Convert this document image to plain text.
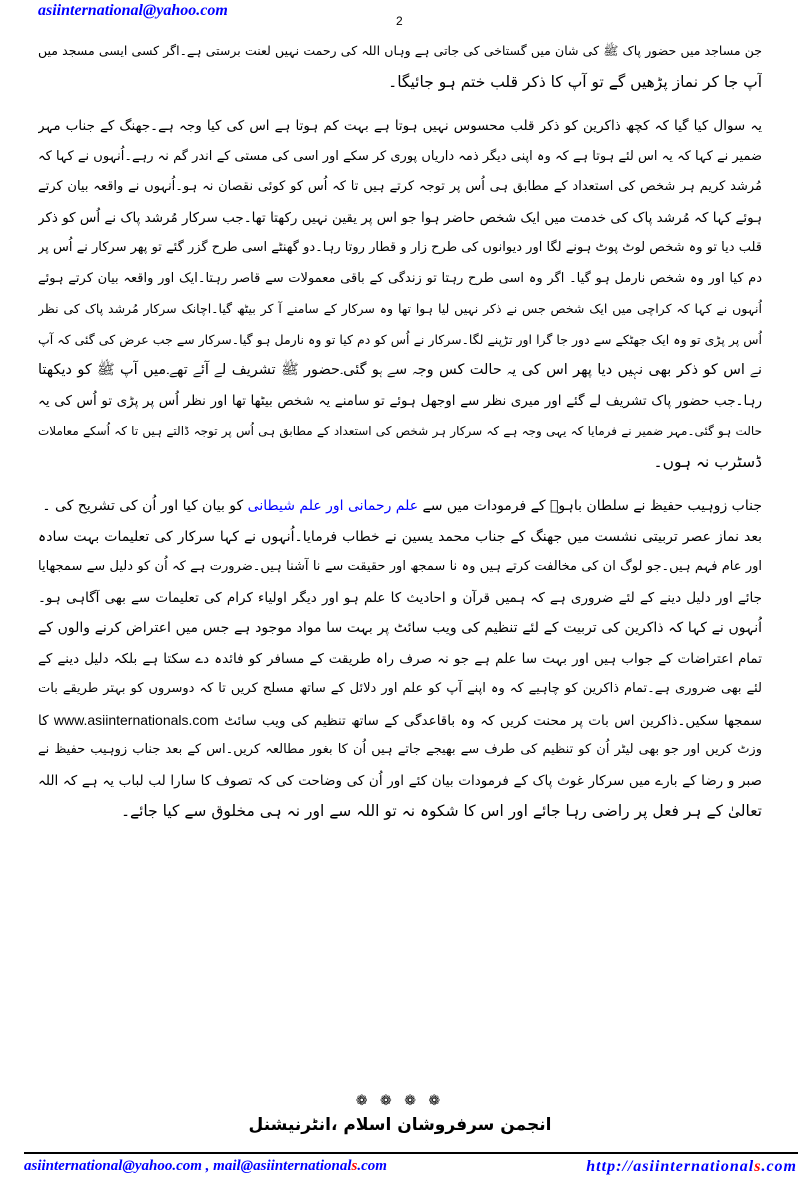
asiinternational@yahoo.com
2
جن مساجد میں حضور پاک ﷺ کی شان میں گستاخی کی جاتی ہے وہاں اللہ کی رحمت نہیں لعنت برستی ہے۔اگر کسی ایسی مسجد میں
آپ جا کر نماز پڑھیں گے تو آپ کا ذکر قلب ختم ہو جائیگا۔
یہ سوال کیا گیا کہ کچھ ذاکرین کو ذکر قلب محسوس نہیں ہوتا ہے بہت کم ہوتا ہے اس کی کیا وجہ ہے۔جھنگ کے جناب مہر
ضمیر نے کہا کہ یہ اس لئے ہوتا ہے کہ وہ اپنی دیگر ذمہ داریاں پوری کر سکے اور اسی کی مستی کے اندر گم نہ رہے۔اُنہوں نے کہا کہ
مُرشد کریم ہر شخص کی استعداد کے مطابق ہی اُس پر توجہ کرتے ہیں تا کہ اُس کو کوئی نقصان نہ ہو۔اُنہوں نے واقعہ بیان کرتے
ہوئے کہا کہ مُرشد پاک کی خدمت میں ایک شخص حاضر ہوا جو اس پر یقین نہیں رکھتا تھا۔جب سرکار مُرشد پاک نے اُس کو ذکر
قلب دیا تو وہ شخص لوٹ پوٹ ہونے لگا اور دیوانوں کی طرح زار و قطار روتا رہا۔دو گھنٹے اسی طرح گزر گئے تو پھر سرکار نے اُس پر
دم کیا اور وہ شخص نارمل ہو گیا۔ اگر وہ اسی طرح رہتا تو زندگی کے باقی معمولات سے قاصر رہتا۔ایک اور واقعہ بیان کرتے ہوئے
اُنہوں نے کہا کہ کراچی میں ایک شخص جس نے ذکر نہیں لیا ہوا تھا وہ سرکار کے سامنے آ کر بیٹھ گیا۔اچانک سرکار مُرشد پاک کی نظر
اُس پر پڑی تو وہ ایک جھٹکے سے دور جا گرا اور تڑپنے لگا۔سرکار نے اُس کو دم کیا تو وہ نارمل ہو گیا۔سرکار سے جب عرض کی گئی کہ آپ
نے اس کو ذکر بھی نہیں دیا پھر اس کی یہ حالت کس وجہ سے ہو گئی۔حضور ﷺ تشریف لے آئے تھے۔میں آپ ﷺ کو دیکھتا
رہا۔جب حضور پاک تشریف لے گئے اور میری نظر سے اوجھل ہوئے تو سامنے یہ شخص بیٹھا تھا اور نظر اُس پر پڑی تو اُس کی یہ
حالت ہو گئی۔مہر ضمیر نے فرمایا کہ یہی وجہ ہے کہ سرکار ہر شخص کی استعداد کے مطابق ہی اُس پر توجہ ڈالتے ہیں تا کہ اُسکے معاملات
ڈسٹرب نہ ہوں۔
جناب زوہیب حفیظ نے سلطان باہوؒ کے فرمودات میں سے علم رحمانی اور علم شیطانی کو بیان کیا اور اُن کی تشریح کی ۔
بعد نماز عصر تربیتی نشست میں جھنگ کے جناب محمد یسین نے خطاب فرمایا۔اُنہوں نے کہا سرکار کی تعلیمات بہت سادہ
اور عام فہم ہیں۔جو لوگ ان کی مخالفت کرتے ہیں وہ نا سمجھ اور حقیقت سے نا آشنا ہیں۔ضرورت ہے کہ اُن کو دلیل سے سمجھایا
جائے اور دلیل دینے کے لئے ضروری ہے کہ ہمیں قرآن و احادیث کا علم ہو اور دیگر اولیاء کرام کی تعلیمات سے بھی آگاہی ہو۔
اُنہوں نے کہا کہ ذاکرین کی تربیت کے لئے تنظیم کی ویب سائٹ پر بہت سا مواد موجود ہے جس میں اعتراض کرنے والوں کے
تمام اعتراضات کے جواب ہیں اور بہت سا علم ہے جو نہ صرف راہ طریقت کے مسافر کو فائدہ دے سکتا ہے بلکہ دلیل دینے کے
لئے بھی ضروری ہے۔تمام ذاکرین کو چاہیے کہ وہ اپنے آپ کو علم اور دلائل کے ساتھ مسلح کریں تا کہ دوسروں کو بہتر طریقے بات
سمجھا سکیں۔ذاکرین اس بات پر محنت کریں کہ وہ باقاعدگی کے ساتھ تنظیم کی ویب سائٹ www.asiinternationals.com کا
وزٹ کریں اور جو بھی لیٹر اُن کو تنظیم کی طرف سے بھیجے جاتے ہیں اُن کا بغور مطالعہ کریں۔اس کے بعد جناب زوہیب حفیظ نے
صبر و رضا کے بارے میں سرکار غوث پاک کے فرمودات بیان کئے اور اُن کی وضاحت کی کہ تصوف کا سارا لب لباب یہ ہے کہ اللہ
تعالیٰ کے ہر فعل پر راضی رہا جائے اور اس کا شکوہ نہ تو اللہ سے اور نہ ہی مخلوق سے کیا جائے۔
❁ ❁ ❁ ❁
انجمن سرفروشان اسلام ،انٹرنیشنل
asiinternational@yahoo.com , mail@asiinternationals.com	http://asiinternationals.com
